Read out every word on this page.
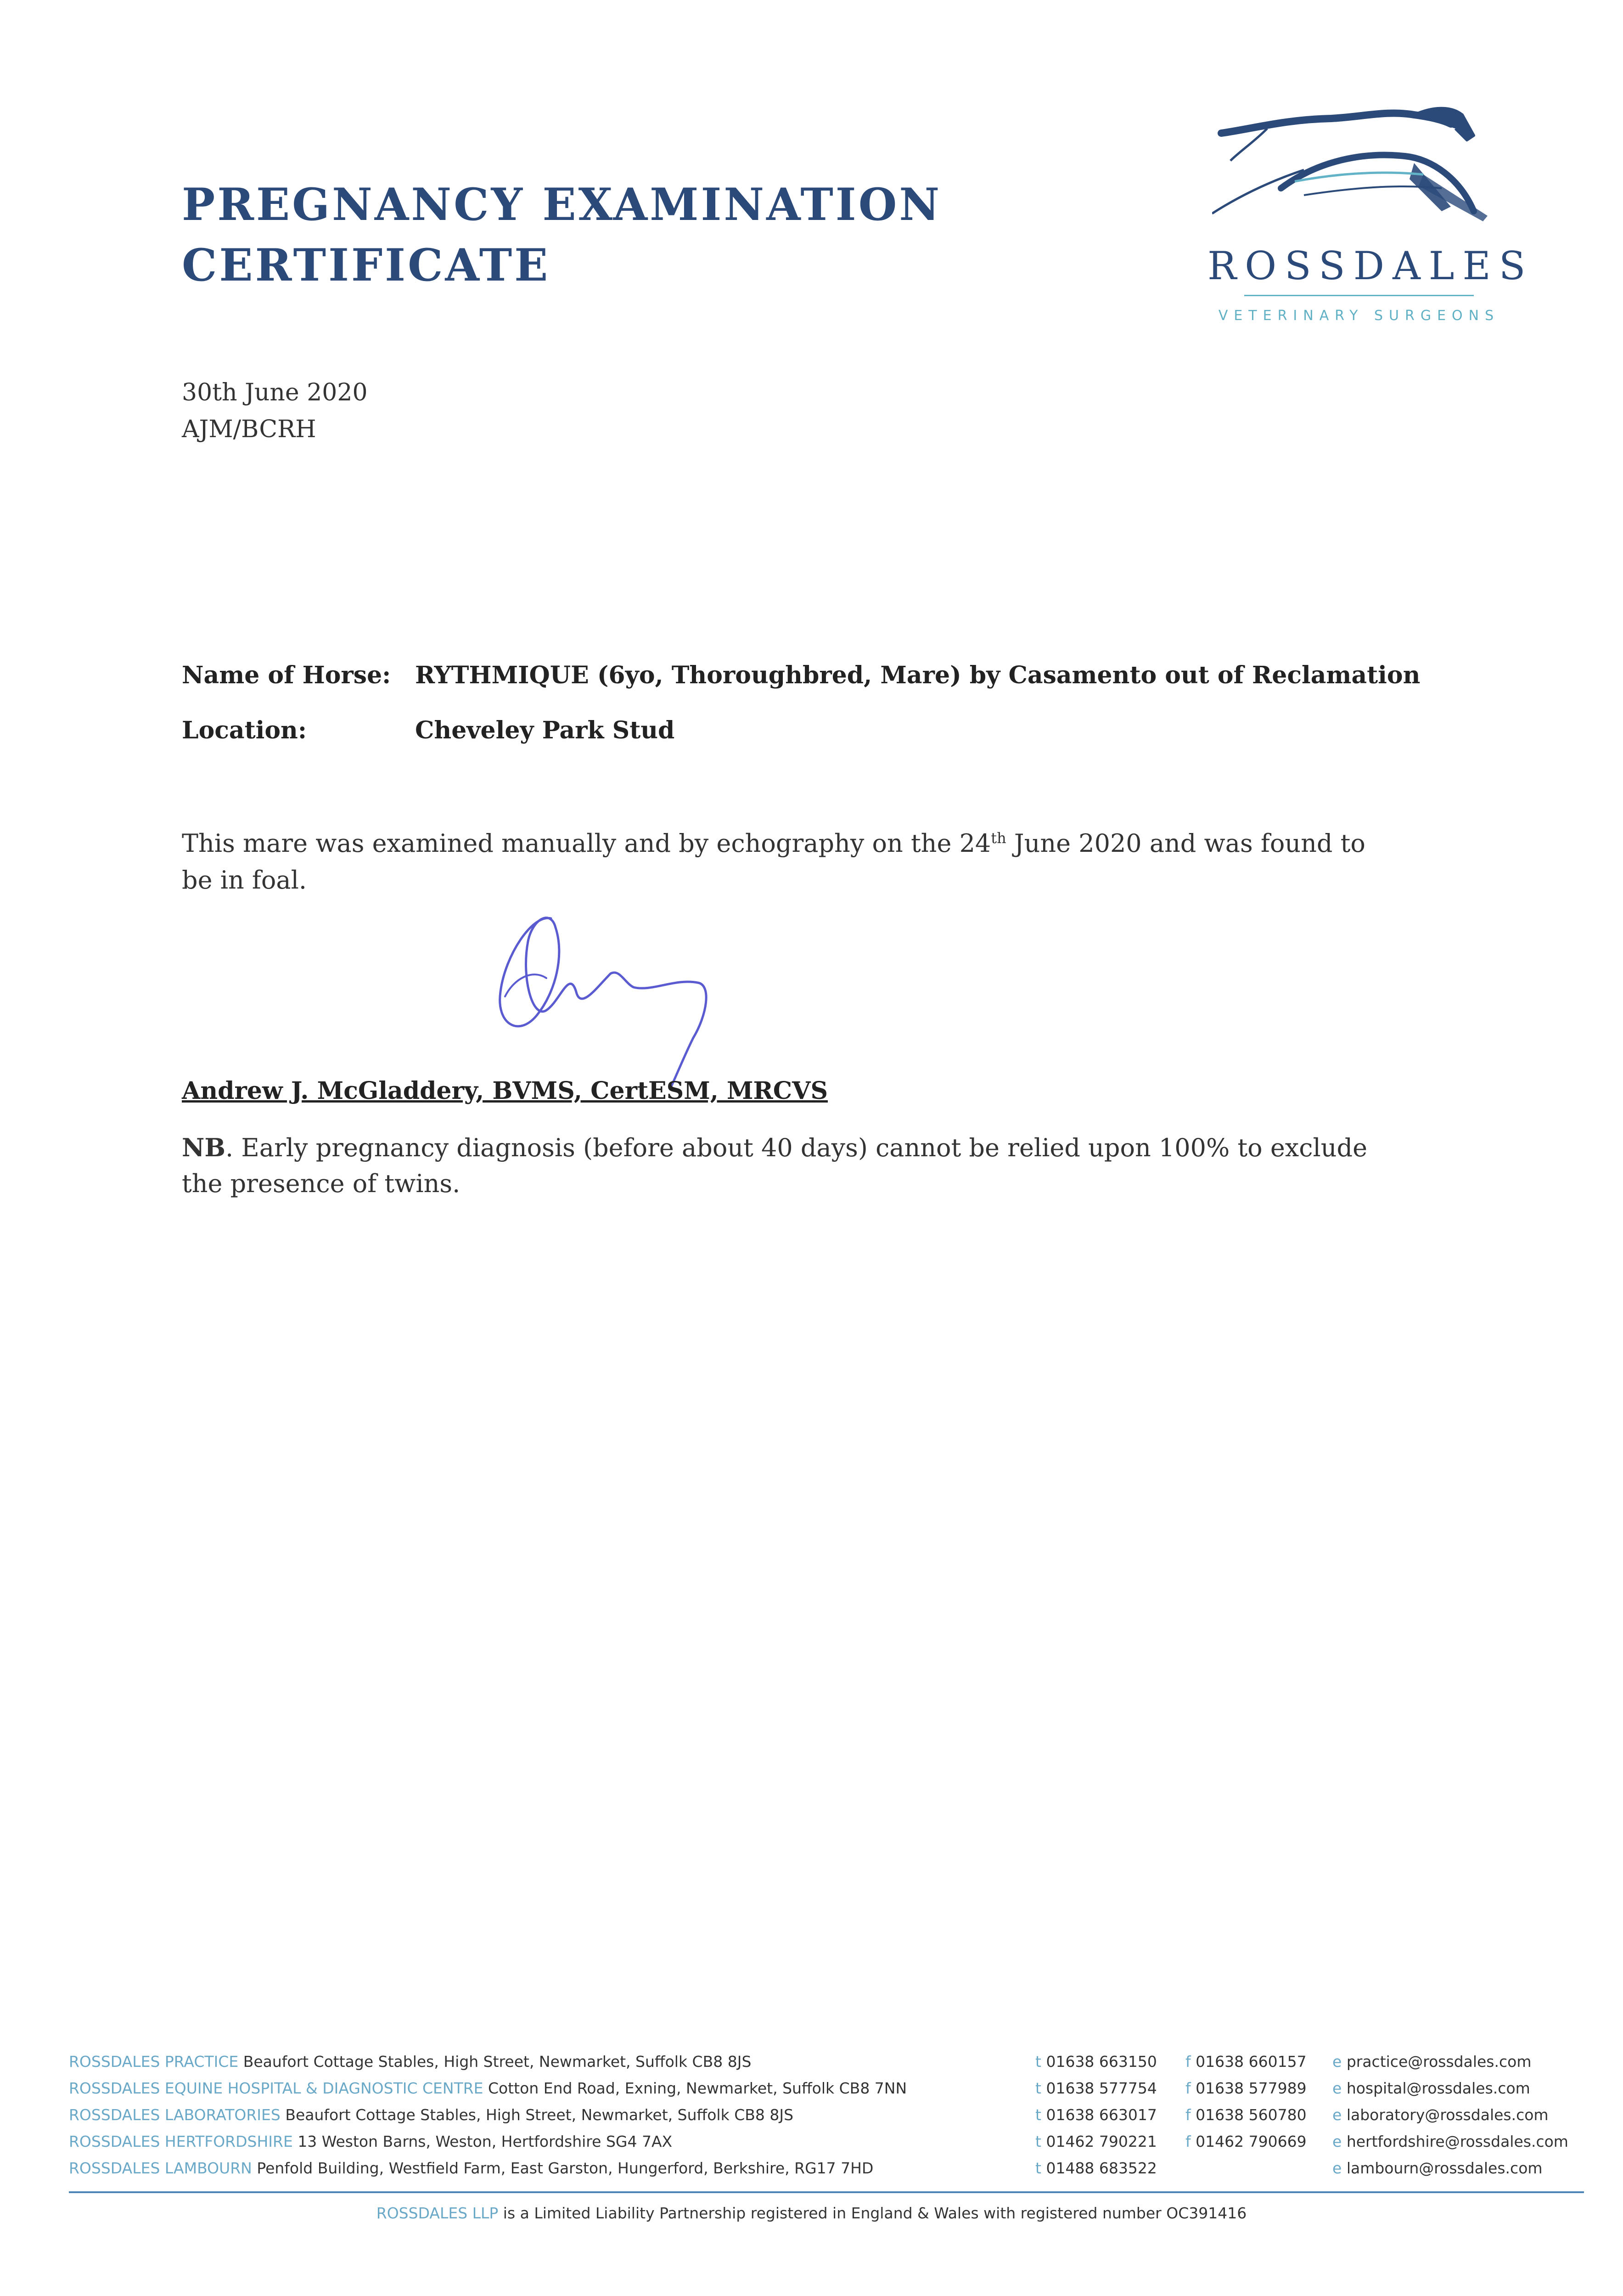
PREGNANCY EXAMINATION
CERTIFICATE	ROSSDALES
VETERINARY SURGEONS
30th June 2020
AJM/BCRH
Name of Horse: RYTHMIQUE (6yo, Thoroughbred, Mare) by Casamento out of Reclamation
Location:	Cheveley Park Stud

This mare was examined manually and by echography on the 24th June 2020 and was found to be in foal.

Andrew J. McGladdery, BVMS, CertESM, MRCVS

NB. Early pregnancy diagnosis (before about 40 days) cannot be relied upon 100% to exclude the presence of twins.

ROSSDALES PRACTICE Beaufort Cottage Stables, High Street, Newmarket, Suffolk CB8 8JS	t 01638 663150 f 01638 660157 e practice@rossdales.com
ROSSDALES EQUINE HOSPITAL & DIAGNOSTIC CENTRE Cotton End Road, Exning, Newmarket, Suffolk CB8 7NN	t 01638 577754 f 01638 577989 e hospital@rossdales.com
ROSSDALES LABORATORIES Beaufort Cottage Stables, High Street, Newmarket, Suffolk CB8 8JS	t 01638 663017 f 01638 560780 e laboratory@rossdales.com
ROSSDALES HERTFORDSHIRE 13 Weston Barns, Weston, Hertfordshire SG4 7AX	t 01462 790221 f 01462 790669 e hertfordshire@rossdales.com
ROSSDALES LAMBOURN Penfold Building, Westfield Farm, East Garston, Hungerford, Berkshire, RG17 7HD	t 01488 683522	e lambourn@rossdales.com
ROSSDALES LLP is a Limited Liability Partnership registered in England & Wales with registered number OC391416
